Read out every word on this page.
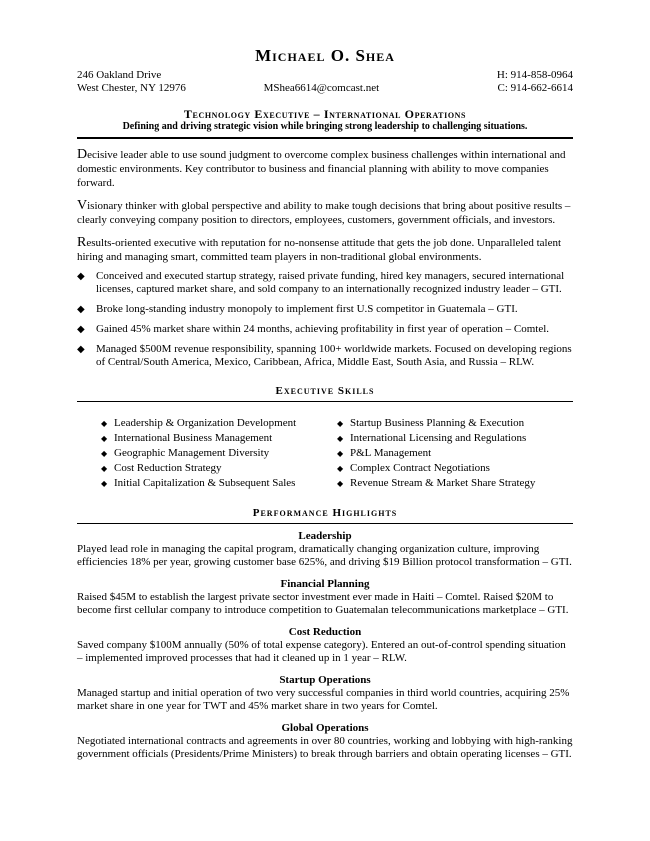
Michael O. Shea
246 Oakland Drive
West Chester, NY 12976	MShea6614@comcast.net
H: 914-858-0964
C: 914-662-6614
Technology Executive – International Operations
Defining and driving strategic vision while bringing strong leadership to challenging situations.
Decisive leader able to use sound judgment to overcome complex business challenges within international and domestic environments. Key contributor to business and financial planning with ability to move companies forward.
Visionary thinker with global perspective and ability to make tough decisions that bring about positive results – clearly conveying company position to directors, employees, customers, government officials, and investors.
Results-oriented executive with reputation for no-nonsense attitude that gets the job done. Unparalleled talent hiring and managing smart, committed team players in non-traditional global environments.
◆ Conceived and executed startup strategy, raised private funding, hired key managers, secured international licenses, captured market share, and sold company to an internationally recognized industry leader – GTI.
◆ Broke long-standing industry monopoly to implement first U.S competitor in Guatemala – GTI.
◆ Gained 45% market share within 24 months, achieving profitability in first year of operation – Comtel.
◆ Managed $500M revenue responsibility, spanning 100+ worldwide markets. Focused on developing regions of Central/South America, Mexico, Caribbean, Africa, Middle East, South Asia, and Russia – RLW.
Executive Skills
◆ Leadership & Organization Development
◆ International Business Management
◆ Geographic Management Diversity
◆ Cost Reduction Strategy
◆ Initial Capitalization & Subsequent Sales
◆ Startup Business Planning & Execution
◆ International Licensing and Regulations
◆ P&L Management
◆ Complex Contract Negotiations
◆ Revenue Stream & Market Share Strategy
Performance Highlights
Leadership
Played lead role in managing the capital program, dramatically changing organization culture, improving efficiencies 18% per year, growing customer base 625%, and driving $19 Billion protocol transformation – GTI.
Financial Planning
Raised $45M to establish the largest private sector investment ever made in Haiti – Comtel. Raised $20M to become first cellular company to introduce competition to Guatemalan telecommunications marketplace – GTI.
Cost Reduction
Saved company $100M annually (50% of total expense category). Entered an out-of-control spending situation – implemented improved processes that had it cleaned up in 1 year – RLW.
Startup Operations
Managed startup and initial operation of two very successful companies in third world countries, acquiring 25% market share in one year for TWT and 45% market share in two years for Comtel.
Global Operations
Negotiated international contracts and agreements in over 80 countries, working and lobbying with high-ranking government officials (Presidents/Prime Ministers) to break through barriers and obtain operating licenses – GTI.
